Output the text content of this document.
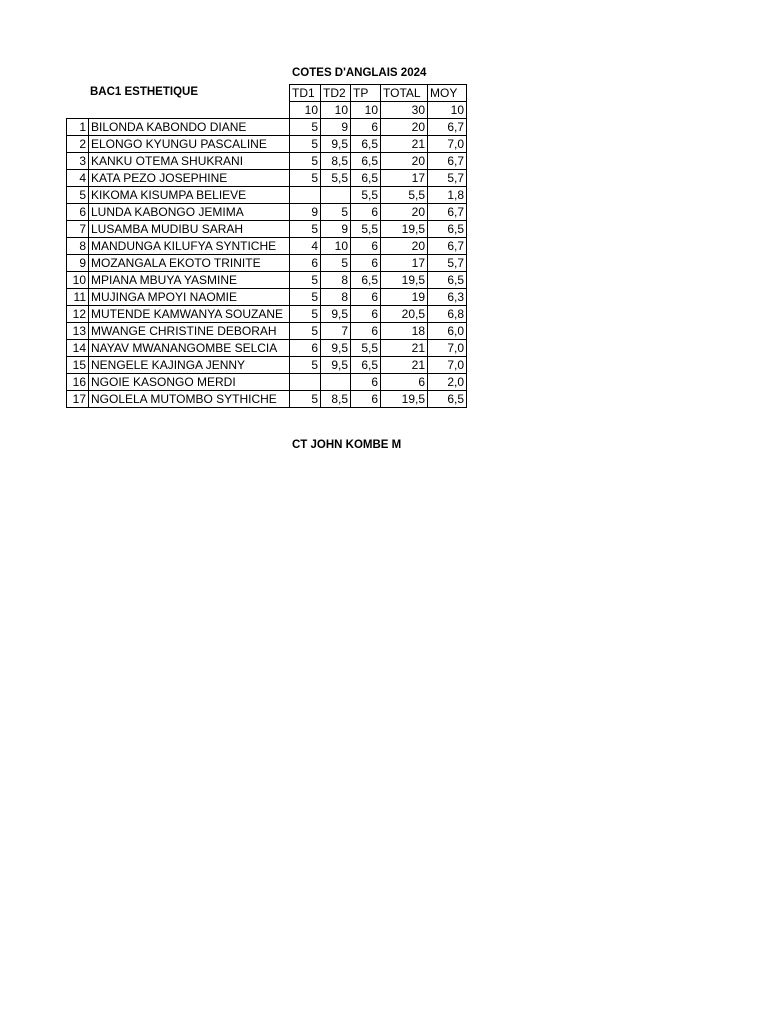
COTES D'ANGLAIS 2024
BAC1 ESTHETIQUE
			TD1	TD2	TP	TOTAL	MOY
		10	10	10	30	10
1	BILONDA KABONDO DIANE	5	9	6	20	6,7
2	ELONGO KYUNGU PASCALINE	5	9,5	6,5	21	7,0
3	KANKU OTEMA SHUKRANI	5	8,5	6,5	20	6,7
4	KATA PEZO JOSEPHINE	5	5,5	6,5	17	5,7
5	KIKOMA KISUMPA BELIEVE			5,5	5,5	1,8
6	LUNDA KABONGO JEMIMA	9	5	6	20	6,7
7	LUSAMBA MUDIBU SARAH	5	9	5,5	19,5	6,5
8	MANDUNGA KILUFYA SYNTICHE	4	10	6	20	6,7
9	MOZANGALA EKOTO TRINITE	6	5	6	17	5,7
10	MPIANA MBUYA YASMINE	5	8	6,5	19,5	6,5
11	MUJINGA MPOYI NAOMIE	5	8	6	19	6,3
12	MUTENDE KAMWANYA SOUZANE	5	9,5	6	20,5	6,8
13	MWANGE CHRISTINE DEBORAH	5	7	6	18	6,0
14	NAYAV MWANANGOMBE SELCIA	6	9,5	5,5	21	7,0
15	NENGELE KAJINGA JENNY	5	9,5	6,5	21	7,0
16	NGOIE KASONGO MERDI			6	6	2,0
17	NGOLELA MUTOMBO SYTHICHE	5	8,5	6	19,5	6,5
CT JOHN KOMBE M
